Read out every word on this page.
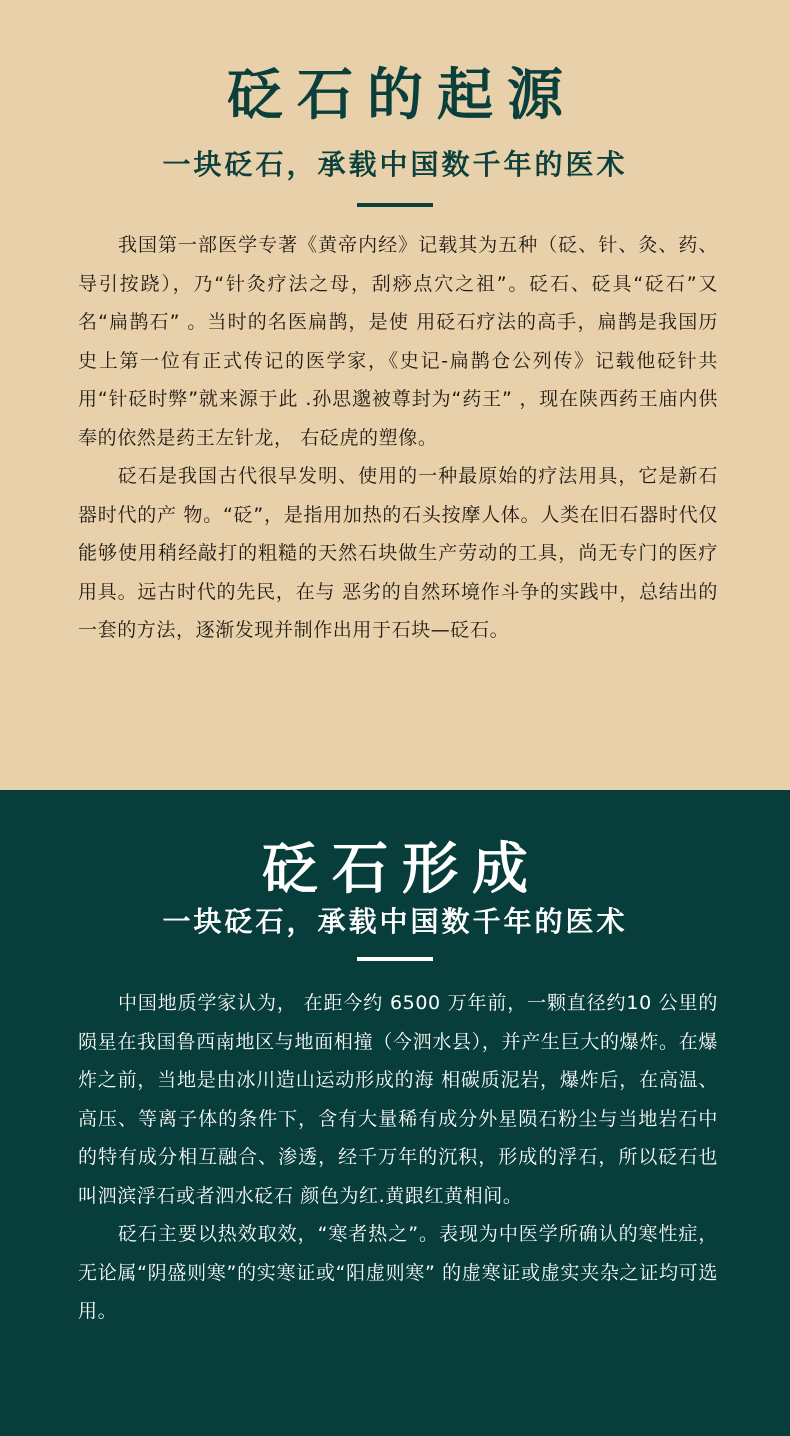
砭石的起源
一块砭石，承载中国数千年的医术

我国第一部医学专著《黄帝内经》记载其为五种（砭、针、灸、药、导引按跷），乃“针灸疗法之母，刮痧点穴之祖”。砭石、砭具“砭石”又名“扁鹊石” 。当时的名医扁鹊，是使 用砭石疗法的高手，扁鹊是我国历史上第一位有正式传记的医学家，《史记-扁鹊仓公列传》记载他砭针共用“针砭时弊”就来源于此 .孙思邈被尊封为“药王” ，现在陕西药王庙内供奉的依然是药王左针龙， 右砭虎的塑像。

砭石是我国古代很早发明、使用的一种最原始的疗法用具，它是新石器时代的产 物。“砭”，是指用加热的石头按摩人体。人类在旧石器时代仅能够使用稍经敲打的粗糙的天然石块做生产劳动的工具，尚无专门的医疗用具。远古时代的先民，在与 恶劣的自然环境作斗争的实践中，总结出的一套的方法，逐渐发现并制作出用于石块—砭石。

砭石形成
一块砭石，承载中国数千年的医术

中国地质学家认为， 在距今约 6500 万年前，一颗直径约10 公里的陨星在我国鲁西南地区与地面相撞（今泗水县），并产生巨大的爆炸。在爆炸之前，当地是由冰川造山运动形成的海 相碳质泥岩，爆炸后，在高温、高压、等离子体的条件下，含有大量稀有成分外星陨石粉尘与当地岩石中的特有成分相互融合、渗透，经千万年的沉积，形成的浮石，所以砭石也叫泗滨浮石或者泗水砭石 颜色为红.黄跟红黄相间。

砭石主要以热效取效，“寒者热之”。表现为中医学所确认的寒性症， 无论属“阴盛则寒”的实寒证或“阳虚则寒” 的虚寒证或虚实夹杂之证均可选用。
